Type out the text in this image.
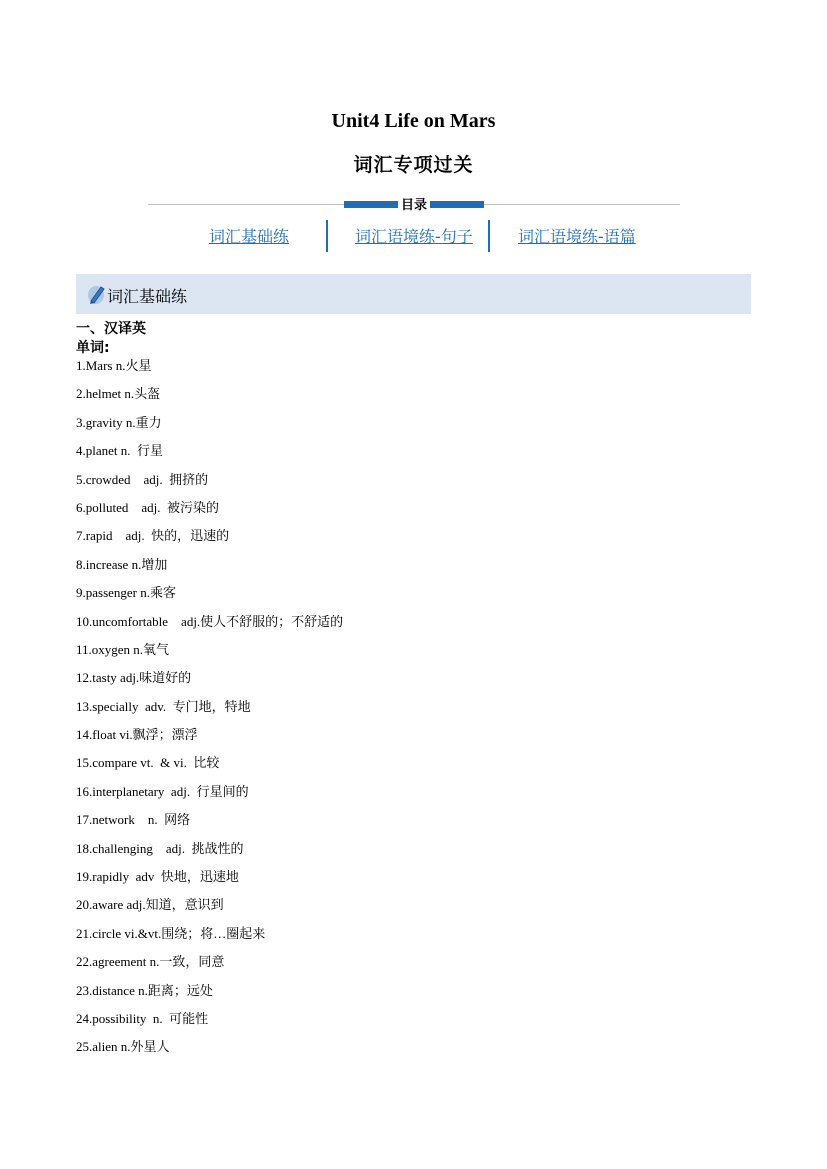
Unit4 Life on Mars
词汇专项过关
目录
词汇基础练	词汇语境练-句子	词汇语境练-语篇
词汇基础练
一、汉译英
单词:
1.Mars n.火星
2.helmet n.头盔
3.gravity n.重力
4.planet n.  行星
5.crowded    adj.  拥挤的
6.polluted    adj.  被污染的
7.rapid    adj.  快的，迅速的
8.increase n.增加
9.passenger n.乘客
10.uncomfortable    adj.使人不舒服的；不舒适的
11.oxygen n.氧气
12.tasty adj.味道好的
13.specially  adv.  专门地，特地
14.float vi.飘浮；漂浮
15.compare vt.  & vi.  比较
16.interplanetary  adj.  行星间的
17.network    n.  网络
18.challenging    adj.  挑战性的
19.rapidly  adv  快地，迅速地
20.aware adj.知道，意识到
21.circle vi.&vt.围绕；将…圈起来
22.agreement n.一致，同意
23.distance n.距离；远处
24.possibility  n.  可能性
25.alien n.外星人
